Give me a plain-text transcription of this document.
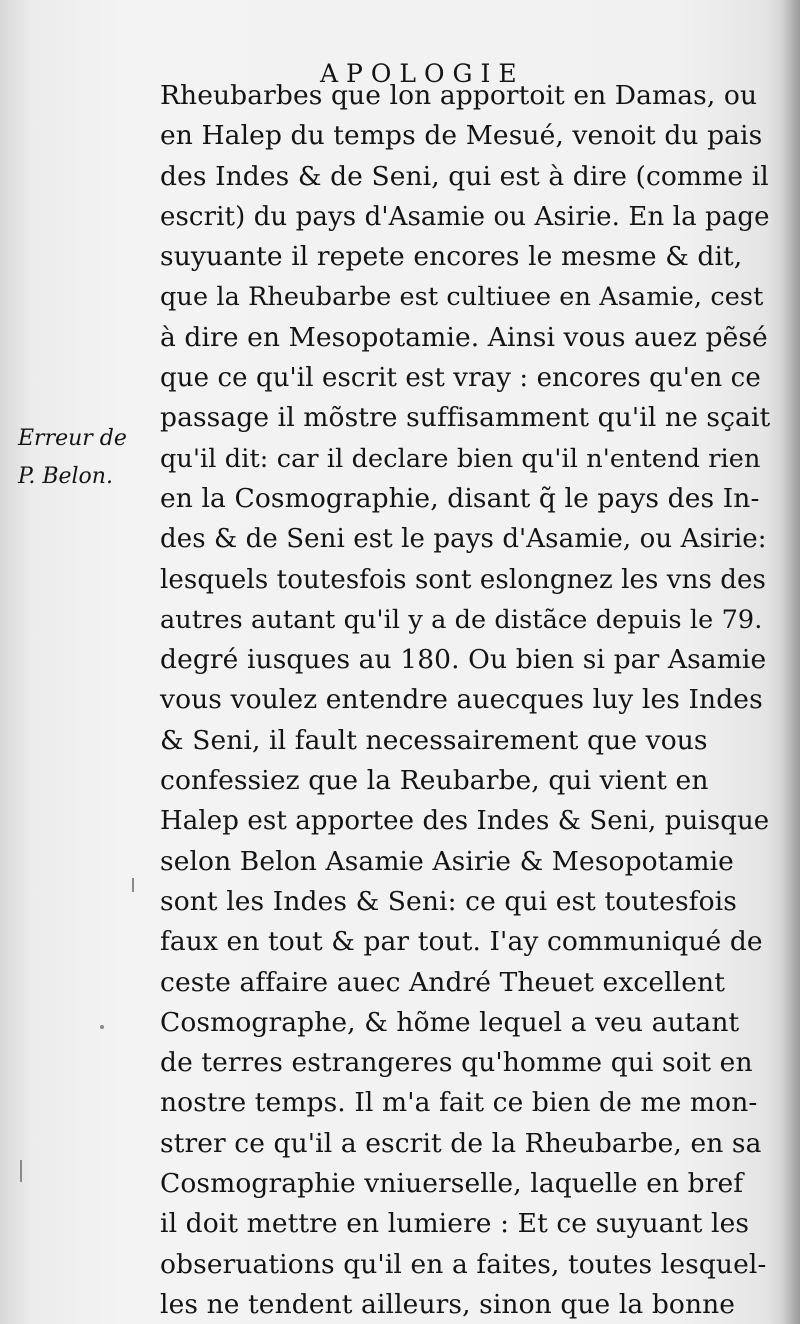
APOLOGIE
Erreur de
P. Belon.
Rheubarbes que lon apportoit en Damas, ou
en Halep du temps de Mesué, venoit du pais
des Indes & de Seni, qui est à dire (comme il
escrit) du pays d'Asamie ou Asirie. En la page
suyuante il repete encores le mesme & dit,
que la Rheubarbe est cultiuee en Asamie, cest
à dire en Mesopotamie. Ainsi vous auez pẽsé
que ce qu'il escrit est vray : encores qu'en ce
passage il mõstre suffisamment qu'il ne sçait
qu'il dit: car il declare bien qu'il n'entend rien
en la Cosmographie, disant q̃ le pays des In-
des & de Seni est le pays d'Asamie, ou Asirie:
lesquels toutesfois sont eslongnez les vns des
autres autant qu'il y a de distãce depuis le 79.
degré iusques au 180. Ou bien si par Asamie
vous voulez entendre auecques luy les Indes
& Seni, il fault necessairement que vous
confessiez que la Reubarbe, qui vient en
Halep est apportee des Indes & Seni, puisque
selon Belon Asamie Asirie & Mesopotamie
sont les Indes & Seni: ce qui est toutesfois
faux en tout & par tout. I'ay communiqué de
ceste affaire auec André Theuet excellent
Cosmographe, & hõme lequel a veu autant
de terres estrangeres qu'homme qui soit en
nostre temps. Il m'a fait ce bien de me mon-
strer ce qu'il a escrit de la Rheubarbe, en sa
Cosmographie vniuerselle, laquelle en bref
il doit mettre en lumiere : Et ce suyuant les
obseruations qu'il en a faites, toutes lesquel-
les ne tendent ailleurs, sinon que la bonne
